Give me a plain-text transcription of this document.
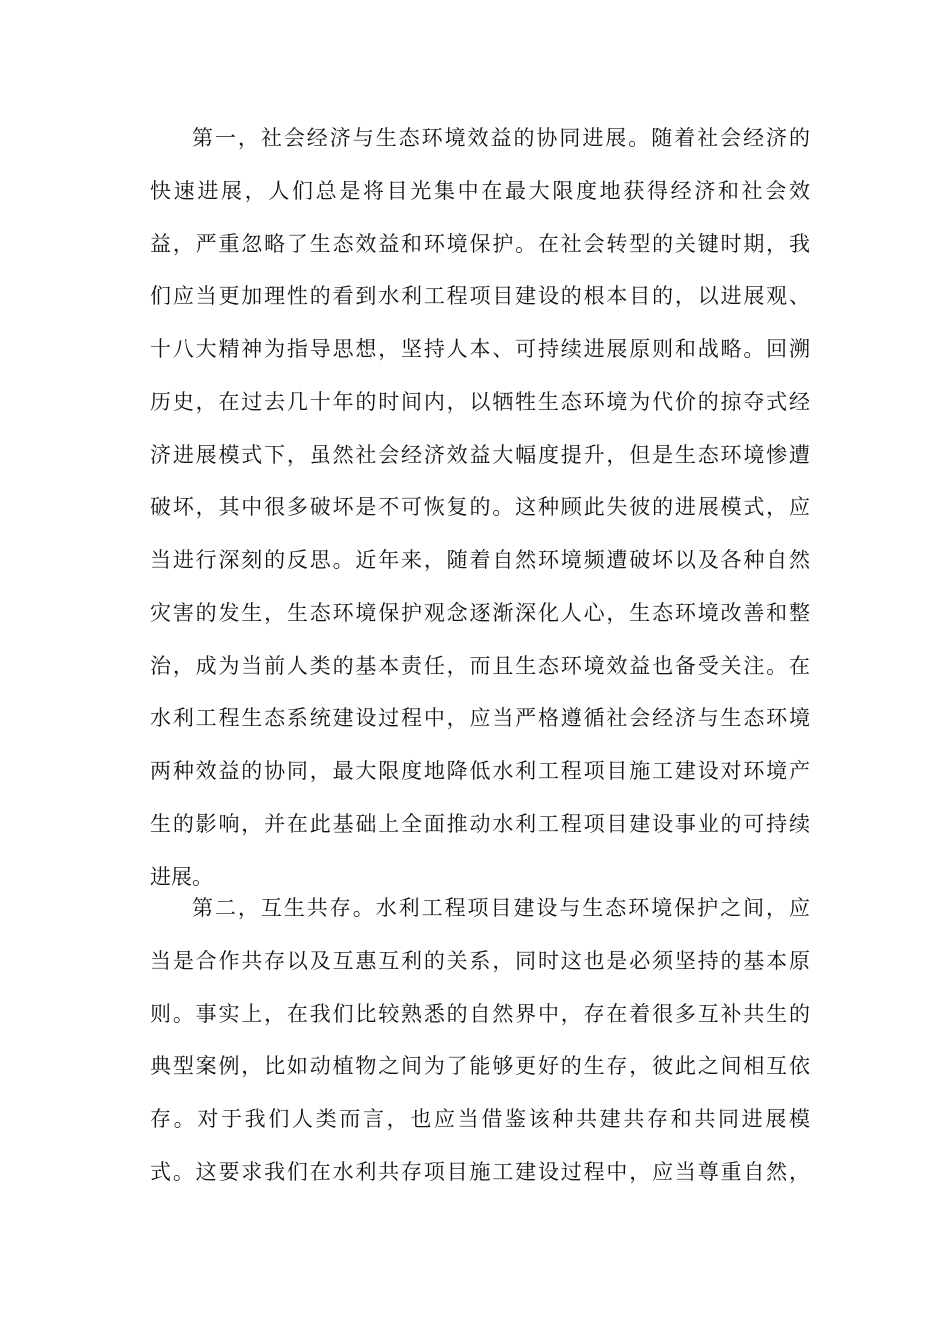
第一，社会经济与生态环境效益的协同进展。随着社会经济的
快速进展，人们总是将目光集中在最大限度地获得经济和社会效
益，严重忽略了生态效益和环境保护。在社会转型的关键时期，我
们应当更加理性的看到水利工程项目建设的根本目的，以进展观、
十八大精神为指导思想，坚持人本、可持续进展原则和战略。回溯
历史，在过去几十年的时间内，以牺牲生态环境为代价的掠夺式经
济进展模式下，虽然社会经济效益大幅度提升，但是生态环境惨遭
破坏，其中很多破坏是不可恢复的。这种顾此失彼的进展模式，应
当进行深刻的反思。近年来，随着自然环境频遭破坏以及各种自然
灾害的发生，生态环境保护观念逐渐深化人心，生态环境改善和整
治，成为当前人类的基本责任，而且生态环境效益也备受关注。在
水利工程生态系统建设过程中，应当严格遵循社会经济与生态环境
两种效益的协同，最大限度地降低水利工程项目施工建设对环境产
生的影响，并在此基础上全面推动水利工程项目建设事业的可持续
进展。
第二，互生共存。水利工程项目建设与生态环境保护之间，应
当是合作共存以及互惠互利的关系，同时这也是必须坚持的基本原
则。事实上，在我们比较熟悉的自然界中，存在着很多互补共生的
典型案例，比如动植物之间为了能够更好的生存，彼此之间相互依
存。对于我们人类而言，也应当借鉴该种共建共存和共同进展模
式。这要求我们在水利共存项目施工建设过程中，应当尊重自然，
